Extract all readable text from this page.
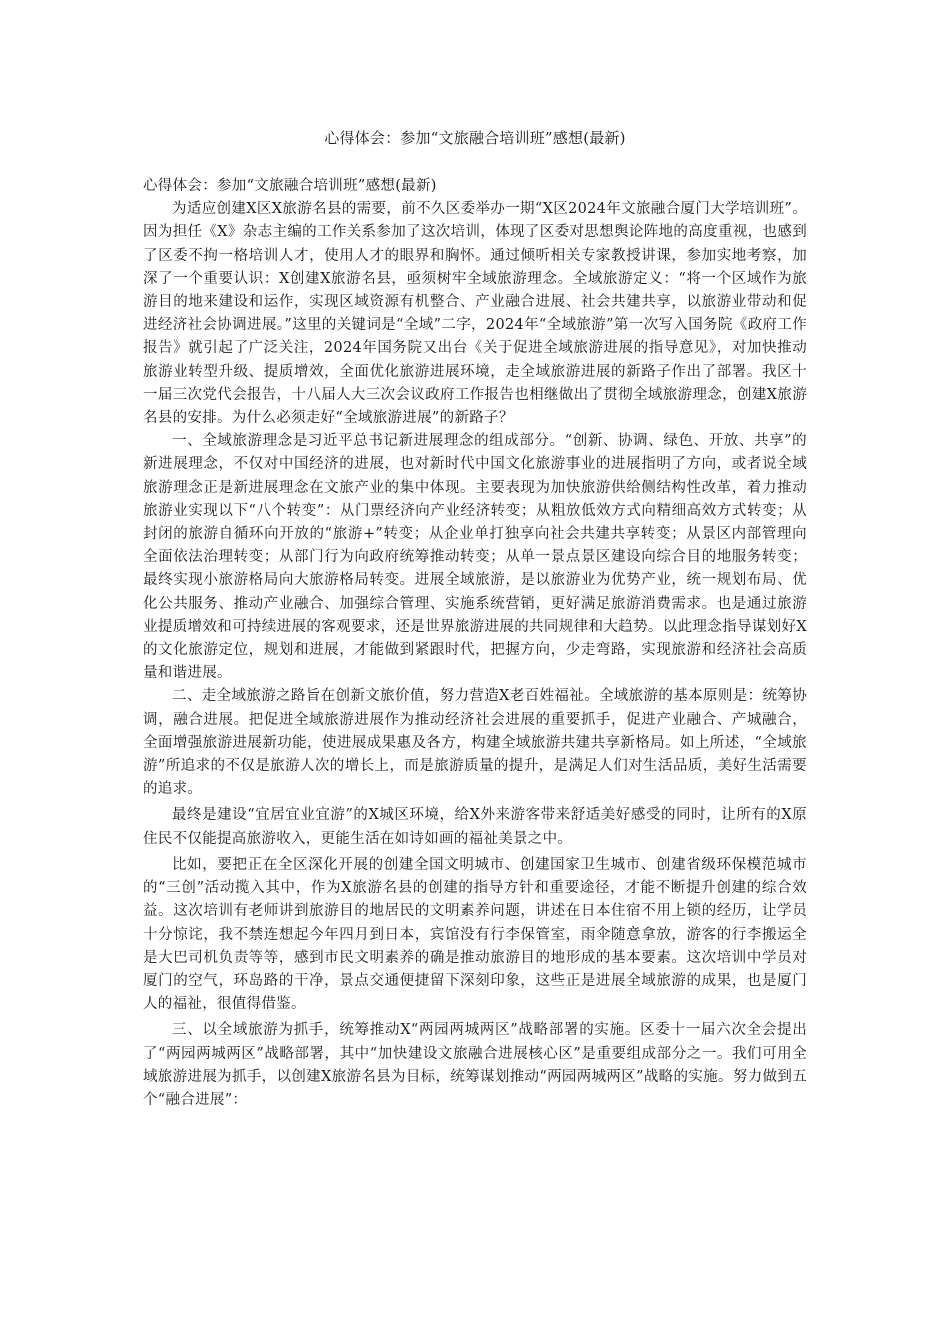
心得体会：参加“文旅融合培训班”感想(最新)

心得体会：参加“文旅融合培训班”感想(最新)

为适应创建X区X旅游名县的需要，前不久区委举办一期“X区2024年文旅融合厦门大学培训班”。因为担任《X》杂志主编的工作关系参加了这次培训，体现了区委对思想舆论阵地的高度重视，也感到了区委不拘一格培训人才，使用人才的眼界和胸怀。通过倾听相关专家教授讲课，参加实地考察，加深了一个重要认识：X创建X旅游名县，亟须树牢全域旅游理念。全域旅游定义：“将一个区域作为旅游目的地来建设和运作，实现区域资源有机整合、产业融合进展、社会共建共享，以旅游业带动和促进经济社会协调进展。”这里的关键词是“全域”二字，2024年“全域旅游”第一次写入国务院《政府工作报告》就引起了广泛关注，2024年国务院又出台《关于促进全域旅游进展的指导意见》，对加快推动旅游业转型升级、提质增效，全面优化旅游进展环境，走全域旅游进展的新路子作出了部署。我区十一届三次党代会报告，十八届人大三次会议政府工作报告也相继做出了贯彻全域旅游理念，创建X旅游名县的安排。为什么必须走好“全域旅游进展”的新路子？

一、全域旅游理念是习近平总书记新进展理念的组成部分。“创新、协调、绿色、开放、共享”的新进展理念，不仅对中国经济的进展，也对新时代中国文化旅游事业的进展指明了方向，或者说全域旅游理念正是新进展理念在文旅产业的集中体现。主要表现为加快旅游供给侧结构性改革，着力推动旅游业实现以下“八个转变”：从门票经济向产业经济转变；从粗放低效方式向精细高效方式转变；从封闭的旅游自循环向开放的“旅游+”转变；从企业单打独享向社会共建共享转变；从景区内部管理向全面依法治理转变；从部门行为向政府统筹推动转变；从单一景点景区建设向综合目的地服务转变；最终实现小旅游格局向大旅游格局转变。进展全域旅游，是以旅游业为优势产业，统一规划布局、优化公共服务、推动产业融合、加强综合管理、实施系统营销，更好满足旅游消费需求。也是通过旅游业提质增效和可持续进展的客观要求，还是世界旅游进展的共同规律和大趋势。以此理念指导谋划好X的文化旅游定位，规划和进展，才能做到紧跟时代，把握方向，少走弯路，实现旅游和经济社会高质量和谐进展。

二、走全域旅游之路旨在创新文旅价值，努力营造X老百姓福祉。全域旅游的基本原则是：统筹协调，融合进展。把促进全域旅游进展作为推动经济社会进展的重要抓手，促进产业融合、产城融合，全面增强旅游进展新功能，使进展成果惠及各方，构建全域旅游共建共享新格局。如上所述，“全域旅游”所追求的不仅是旅游人次的增长上，而是旅游质量的提升，是满足人们对生活品质，美好生活需要的追求。

最终是建设“宜居宜业宜游”的X城区环境，给X外来游客带来舒适美好感受的同时，让所有的X原住民不仅能提高旅游收入，更能生活在如诗如画的福祉美景之中。

比如，要把正在全区深化开展的创建全国文明城市、创建国家卫生城市、创建省级环保模范城市的“三创”活动揽入其中，作为X旅游名县的创建的指导方针和重要途径，才能不断提升创建的综合效益。这次培训有老师讲到旅游目的地居民的文明素养问题，讲述在日本住宿不用上锁的经历，让学员十分惊诧，我不禁连想起今年四月到日本，宾馆没有行李保管室，雨伞随意拿放，游客的行李搬运全是大巴司机负责等等，感到市民文明素养的确是推动旅游目的地形成的基本要素。这次培训中学员对厦门的空气，环岛路的干净，景点交通便捷留下深刻印象，这些正是进展全域旅游的成果，也是厦门人的福祉，很值得借鉴。

三、以全域旅游为抓手，统筹推动X“两园两城两区”战略部署的实施。区委十一届六次全会提出了“两园两城两区”战略部署，其中“加快建设文旅融合进展核心区”是重要组成部分之一。我们可用全域旅游进展为抓手，以创建X旅游名县为目标，统筹谋划推动“两园两城两区”战略的实施。努力做到五个“融合进展”：
